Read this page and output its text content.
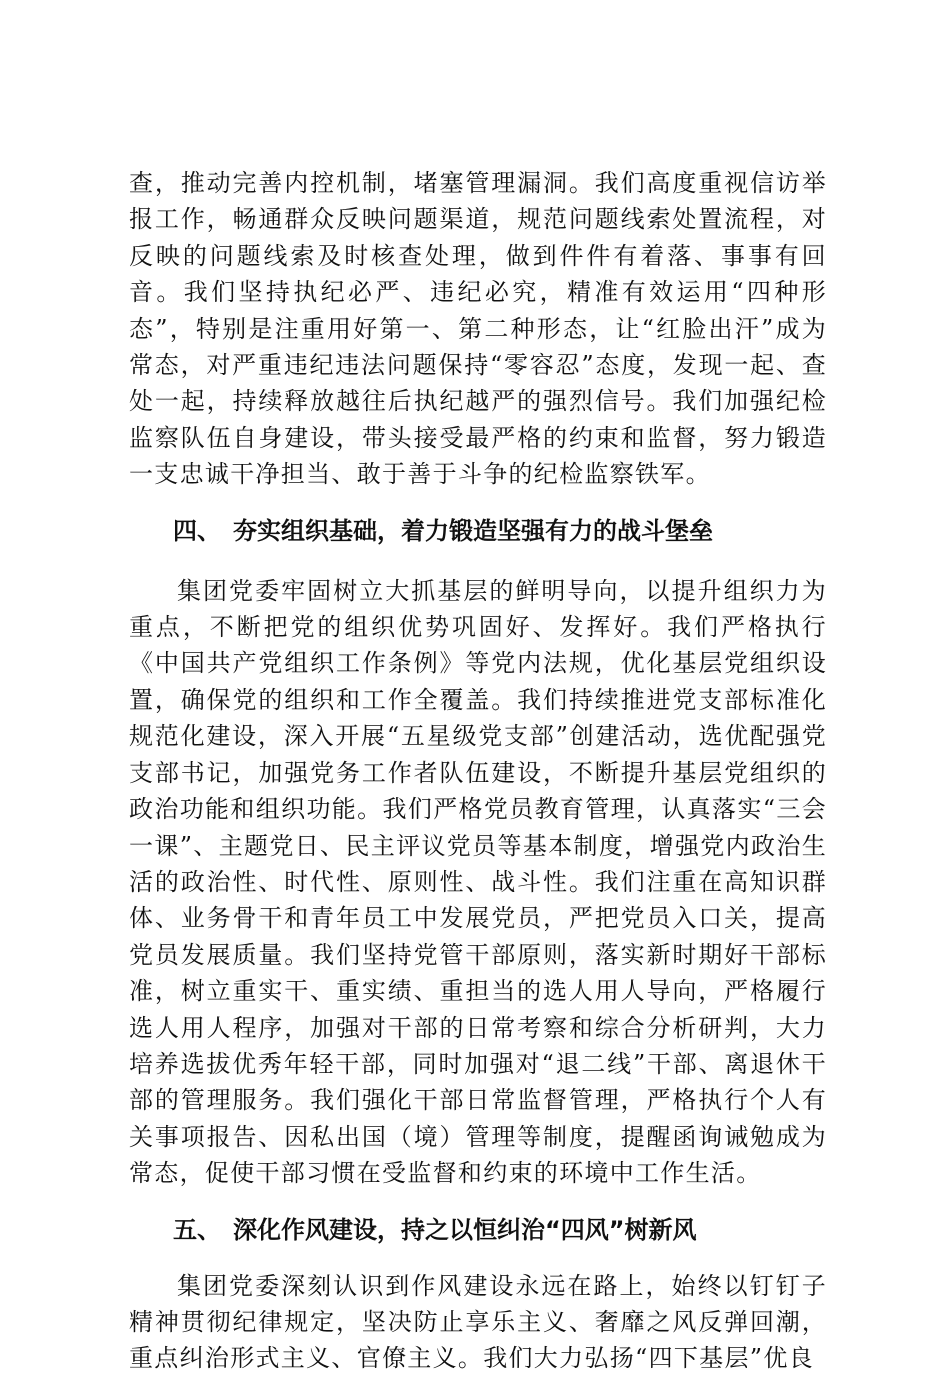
查，推动完善内控机制，堵塞管理漏洞。我们高度重视信访举报工作，畅通群众反映问题渠道，规范问题线索处置流程，对反映的问题线索及时核查处理，做到件件有着落、事事有回音。我们坚持执纪必严、违纪必究，精准有效运用“四种形态”，特别是注重用好第一、第二种形态，让“红脸出汗”成为常态，对严重违纪违法问题保持“零容忍”态度，发现一起、查处一起，持续释放越往后执纪越严的强烈信号。我们加强纪检监察队伍自身建设，带头接受最严格的约束和监督，努力锻造一支忠诚干净担当、敢于善于斗争的纪检监察铁军。

四、 夯实组织基础，着力锻造坚强有力的战斗堡垒

集团党委牢固树立大抓基层的鲜明导向，以提升组织力为重点，不断把党的组织优势巩固好、发挥好。我们严格执行《中国共产党组织工作条例》等党内法规，优化基层党组织设置，确保党的组织和工作全覆盖。我们持续推进党支部标准化规范化建设，深入开展“五星级党支部”创建活动，选优配强党支部书记，加强党务工作者队伍建设，不断提升基层党组织的政治功能和组织功能。我们严格党员教育管理，认真落实“三会一课”、主题党日、民主评议党员等基本制度，增强党内政治生活的政治性、时代性、原则性、战斗性。我们注重在高知识群体、业务骨干和青年员工中发展党员，严把党员入口关，提高党员发展质量。我们坚持党管干部原则，落实新时期好干部标准，树立重实干、重实绩、重担当的选人用人导向，严格履行选人用人程序，加强对干部的日常考察和综合分析研判，大力培养选拔优秀年轻干部，同时加强对“退二线”干部、离退休干部的管理服务。我们强化干部日常监督管理，严格执行个人有关事项报告、因私出国（境）管理等制度，提醒函询诫勉成为常态，促使干部习惯在受监督和约束的环境中工作生活。

五、 深化作风建设，持之以恒纠治“四风”树新风

集团党委深刻认识到作风建设永远在路上，始终以钉钉子精神贯彻纪律规定，坚决防止享乐主义、奢靡之风反弹回潮，重点纠治形式主义、官僚主义。我们大力弘扬“四下基层”优良
